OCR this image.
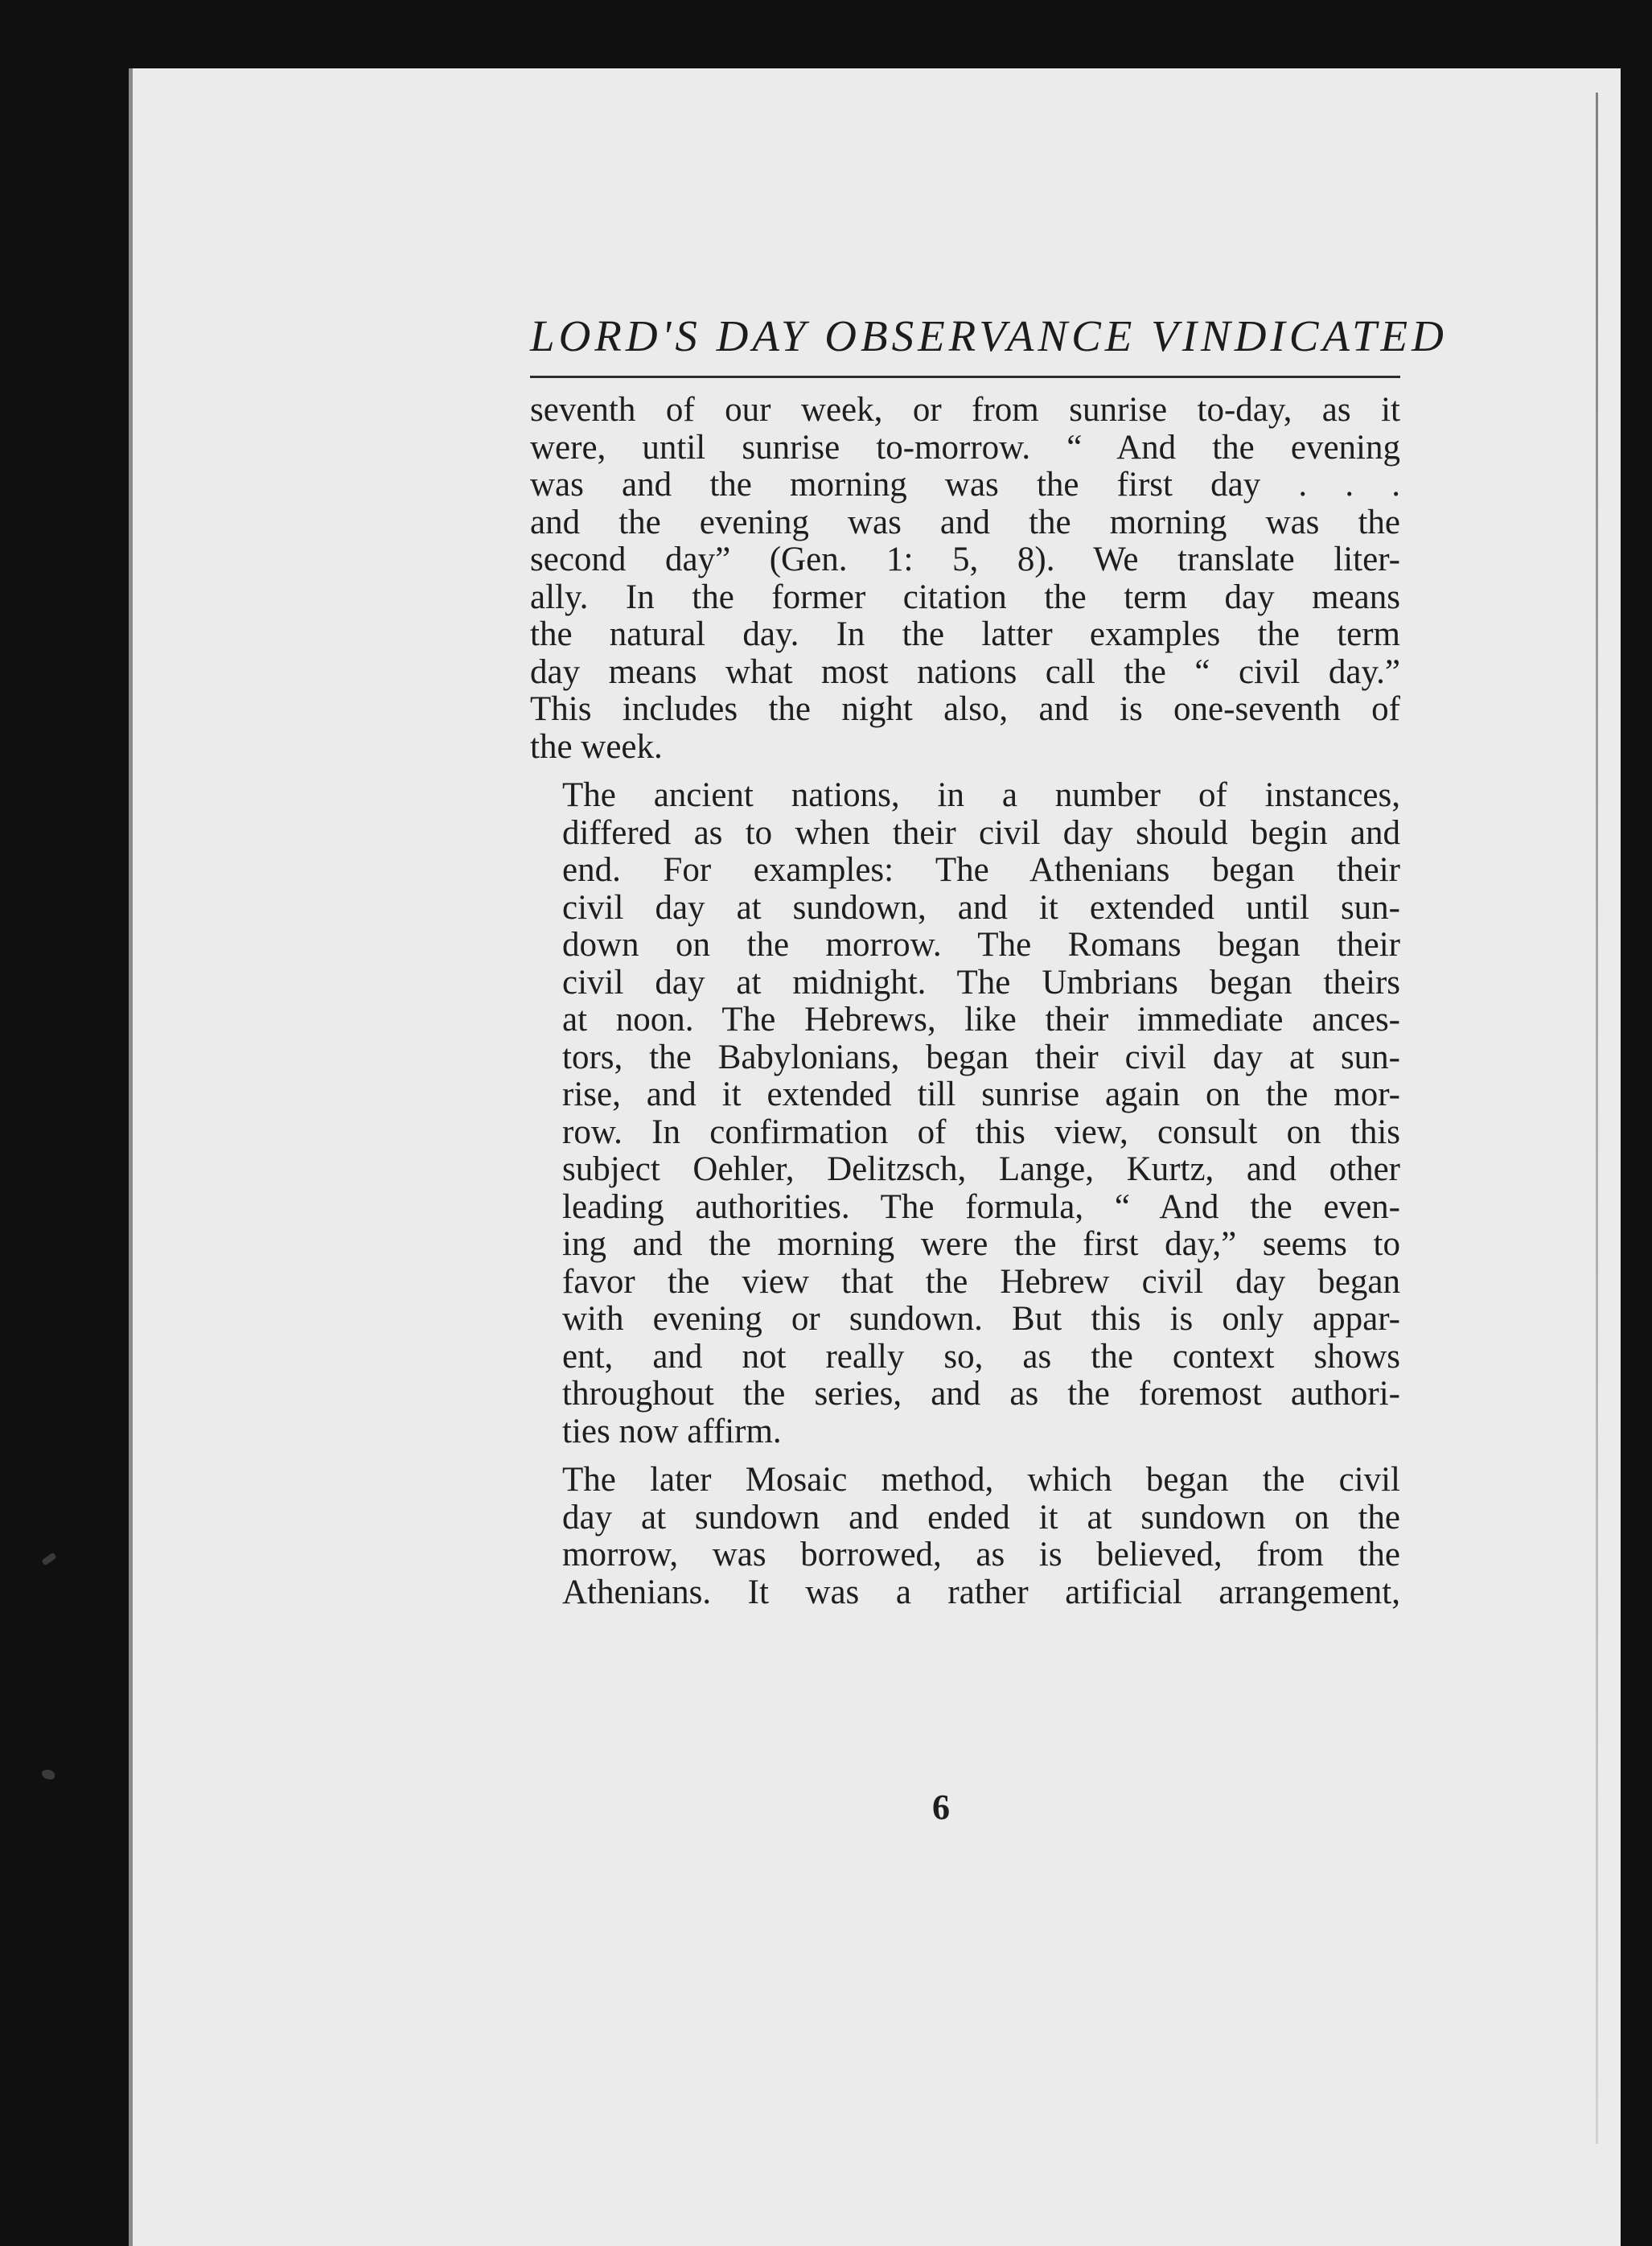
LORD'S DAY OBSERVANCE VINDICATED

seventh of our week, or from sunrise to-day, as it
were, until sunrise to-morrow. “ And the evening
was and the morning was the first day . . .
and the evening was and the morning was the
second day” (Gen. 1: 5, 8). We translate liter-
ally. In the former citation the term day means
the natural day. In the latter examples the term
day means what most nations call the “ civil day.”
This includes the night also, and is one-seventh of
the week.

The ancient nations, in a number of instances,
differed as to when their civil day should begin and
end. For examples: The Athenians began their
civil day at sundown, and it extended until sun-
down on the morrow. The Romans began their
civil day at midnight. The Umbrians began theirs
at noon. The Hebrews, like their immediate ances-
tors, the Babylonians, began their civil day at sun-
rise, and it extended till sunrise again on the mor-
row. In confirmation of this view, consult on this
subject Oehler, Delitzsch, Lange, Kurtz, and other
leading authorities. The formula, “ And the even-
ing and the morning were the first day,” seems to
favor the view that the Hebrew civil day began
with evening or sundown. But this is only appar-
ent, and not really so, as the context shows
throughout the series, and as the foremost authori-
ties now affirm.

The later Mosaic method, which began the civil
day at sundown and ended it at sundown on the
morrow, was borrowed, as is believed, from the
Athenians. It was a rather artificial arrangement,

6
